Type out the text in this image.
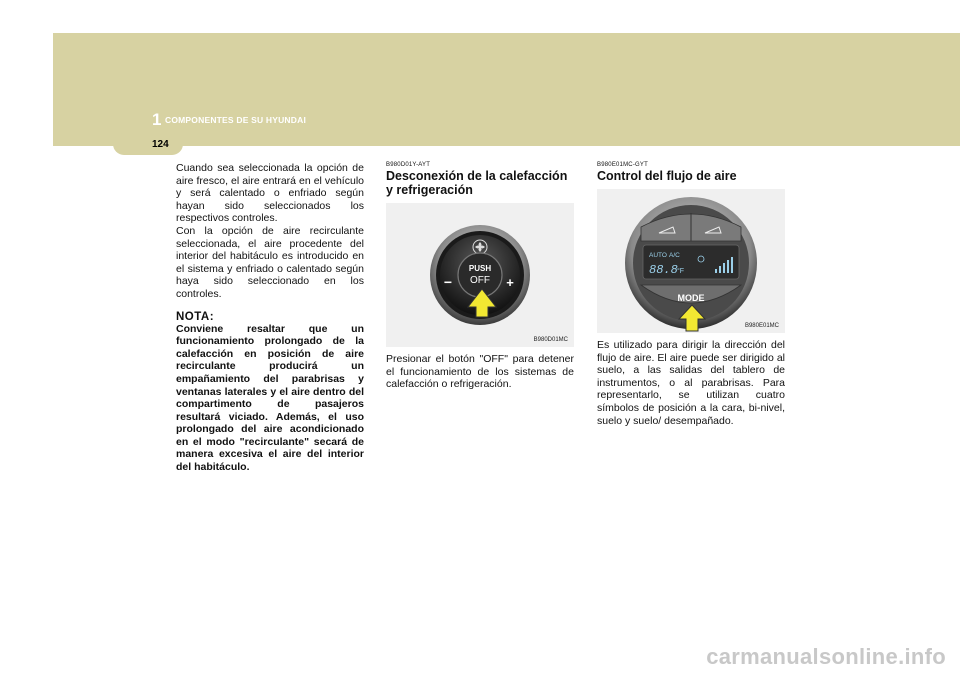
1 COMPONENTES DE SU HYUNDAI
124

Cuando sea seleccionada la opción de aire fresco, el aire entrará en el vehículo y será calentado o enfriado según hayan sido seleccionados los respectivos controles.

Con la opción de aire recirculante seleccionada, el aire procedente del interior del habitáculo es introducido en el sistema y enfriado o calentado según haya sido seleccionado en los controles.

NOTA:

Conviene resaltar que un funcionamiento prolongado de la calefacción en posición de aire recirculante producirá un empañamiento del parabrisas y ventanas laterales y el aire dentro del compartimento de pasajeros resultará viciado. Además, el uso prolongado del aire acondicionado en el modo "recirculante" secará de manera excesiva el aire del interior del habitáculo.

B980D01Y-AYT

Desconexión de la calefacción y refrigeración

PUSH
OFF
−	+
B980D01MC

Presionar el botón "OFF" para detener el funcionamiento de los sistemas de calefacción o refrigeración.

B980E01MC-GYT

Control del flujo de aire

AUTO A/C
88.8 °F
MODE
B980E01MC

Es utilizado para dirigir la dirección del flujo de aire. El aire puede ser dirigido al suelo, a las salidas del tablero de instrumentos, o al parabrisas. Para representarlo, se utilizan cuatro símbolos de posición a la cara, bi-nivel, suelo y suelo/ desempañado.

carmanualsonline.info
